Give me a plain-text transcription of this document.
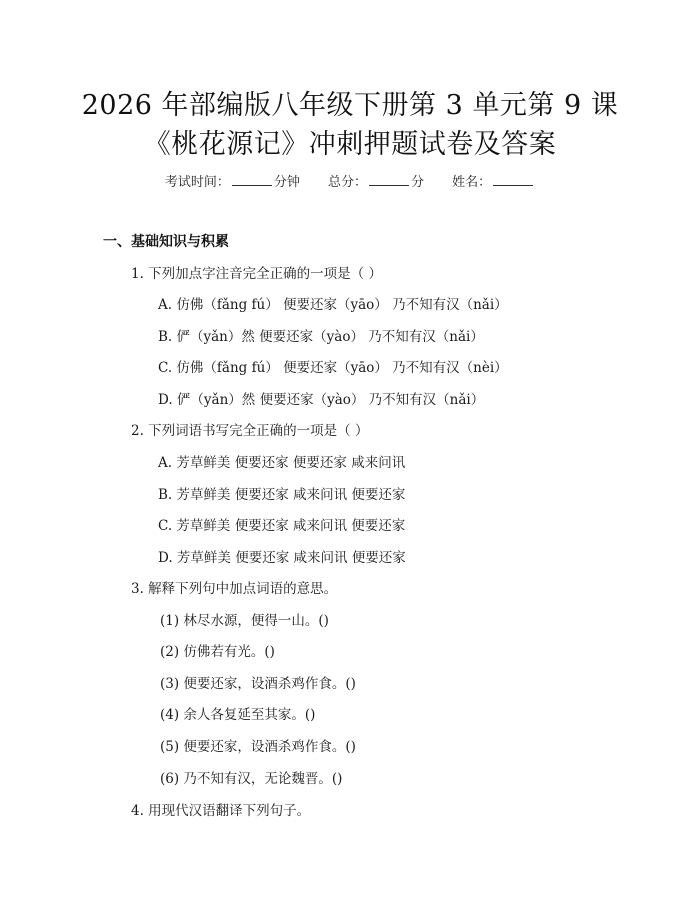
2026 年部编版八年级下册第 3 单元第 9 课
《桃花源记》冲刺押题试卷及答案
考试时间：	分钟 总分：	分 姓名：
一、基础知识与积累
1. 下列加点字注音完全正确的一项是（ ）
A. 仿佛（fǎng fú） 便要还家（yāo） 乃不知有汉（nǎi）
B. 俨（yǎn）然 便要还家（yào） 乃不知有汉（nǎi）
C. 仿佛（fǎng fú） 便要还家（yāo） 乃不知有汉（nèi）
D. 俨（yǎn）然 便要还家（yào） 乃不知有汉（nǎi）
2. 下列词语书写完全正确的一项是（ ）
A. 芳草鲜美 便要还家 便要还家 咸来问讯
B. 芳草鲜美 便要还家 咸来问讯 便要还家
C. 芳草鲜美 便要还家 咸来问讯 便要还家
D. 芳草鲜美 便要还家 咸来问讯 便要还家
3. 解释下列句中加点词语的意思。
(1) 林尽水源，便得一山。()
(2) 仿佛若有光。()
(3) 便要还家，设酒杀鸡作食。()
(4) 余人各复延至其家。()
(5) 便要还家，设酒杀鸡作食。()
(6) 乃不知有汉，无论魏晋。()
4. 用现代汉语翻译下列句子。
